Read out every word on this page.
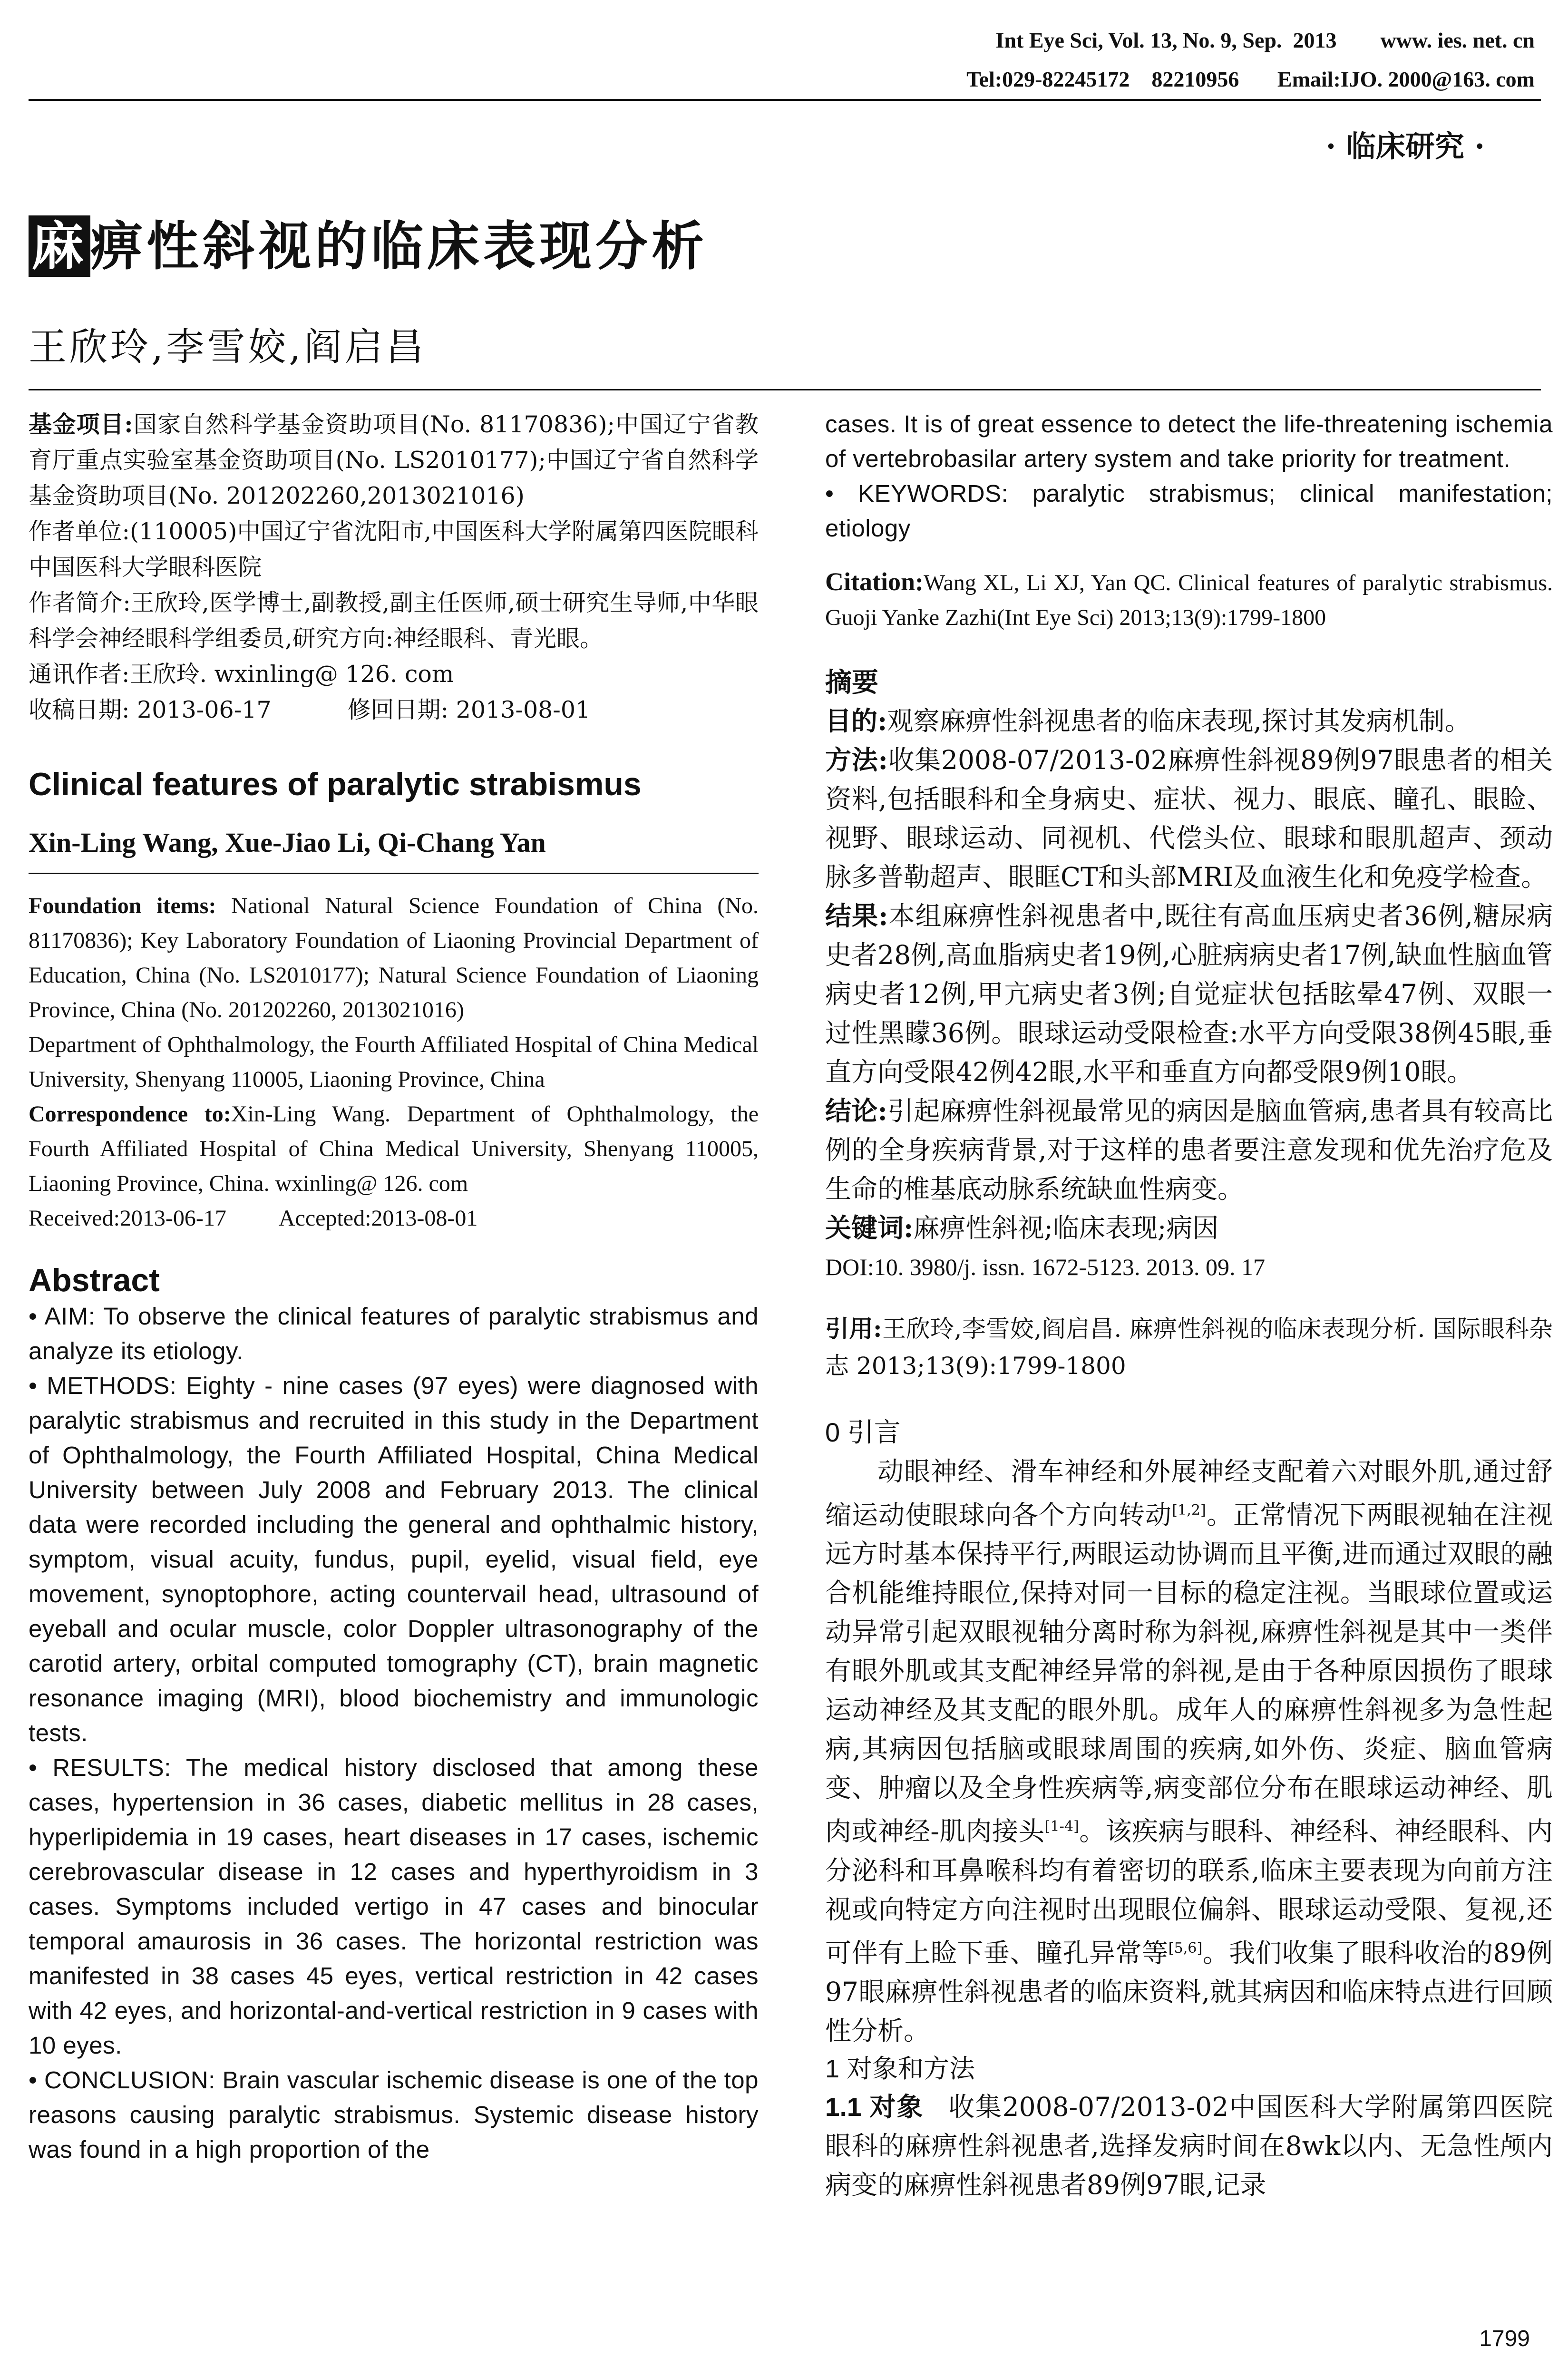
Int Eye Sci, Vol. 13, No. 9, Sep.  2013        www. ies. net. cn
Tel:029-82245172    82210956       Email:IJO. 2000@163. com
· 临床研究 ·
麻痹性斜视的临床表现分析
王欣玲,李雪姣,阎启昌

基金项目:国家自然科学基金资助项目(No. 81170836);中国辽宁省教育厅重点实验室基金资助项目(No. LS2010177);中国辽宁省自然科学基金资助项目(No. 201202260,2013021016)

作者单位:(110005)中国辽宁省沈阳市,中国医科大学附属第四医院眼科 中国医科大学眼科医院

作者简介:王欣玲,医学博士,副教授,副主任医师,硕士研究生导师,中华眼科学会神经眼科学组委员,研究方向:神经眼科、青光眼。

通讯作者:王欣玲. wxinling@ 126. com

收稿日期: 2013-06-17	修回日期: 2013-08-01

Clinical features of paralytic strabismus
Xin-Ling Wang, Xue-Jiao Li, Qi-Chang Yan

Foundation items: National Natural Science Foundation of China (No. 81170836); Key Laboratory Foundation of Liaoning Provincial Department of Education, China (No. LS2010177); Natural Science Foundation of Liaoning Province, China (No. 201202260, 2013021016)

Department of Ophthalmology, the Fourth Affiliated Hospital of China Medical University, Shenyang 110005, Liaoning Province, China

Correspondence to:Xin-Ling Wang. Department of Ophthalmology, the Fourth Affiliated Hospital of China Medical University, Shenyang 110005, Liaoning Province, China. wxinling@ 126. com

Received:2013-06-17 Accepted:2013-08-01

Abstract

• AIM: To observe the clinical features of paralytic strabismus and analyze its etiology.

• METHODS: Eighty - nine cases (97 eyes) were diagnosed with paralytic strabismus and recruited in this study in the Department of Ophthalmology, the Fourth Affiliated Hospital, China Medical University between July 2008 and February 2013. The clinical data were recorded including the general and ophthalmic history, symptom, visual acuity, fundus, pupil, eyelid, visual field, eye movement, synoptophore, acting countervail head, ultrasound of eyeball and ocular muscle, color Doppler ultrasonography of the carotid artery, orbital computed tomography (CT), brain magnetic resonance imaging (MRI), blood biochemistry and immunologic tests.

• RESULTS: The medical history disclosed that among these cases, hypertension in 36 cases, diabetic mellitus in 28 cases, hyperlipidemia in 19 cases, heart diseases in 17 cases, ischemic cerebrovascular disease in 12 cases and hyperthyroidism in 3 cases. Symptoms included vertigo in 47 cases and binocular temporal amaurosis in 36 cases. The horizontal restriction was manifested in 38 cases 45 eyes, vertical restriction in 42 cases with 42 eyes, and horizontal-and-vertical restriction in 9 cases with 10 eyes.

• CONCLUSION: Brain vascular ischemic disease is one of the top reasons causing paralytic strabismus. Systemic disease history was found in a high proportion of the

cases. It is of great essence to detect the life-threatening ischemia of vertebrobasilar artery system and take priority for treatment.

• KEYWORDS: paralytic strabismus; clinical manifestation; etiology

Citation:Wang XL, Li XJ, Yan QC. Clinical features of paralytic strabismus. Guoji Yanke Zazhi(Int Eye Sci) 2013;13(9):1799-1800

摘要

目的:观察麻痹性斜视患者的临床表现,探讨其发病机制。

方法:收集2008-07/2013-02麻痹性斜视89例97眼患者的相关资料,包括眼科和全身病史、症状、视力、眼底、瞳孔、眼睑、视野、眼球运动、同视机、代偿头位、眼球和眼肌超声、颈动脉多普勒超声、眼眶CT和头部MRI及血液生化和免疫学检查。

结果:本组麻痹性斜视患者中,既往有高血压病史者36例,糖尿病史者28例,高血脂病史者19例,心脏病病史者17例,缺血性脑血管病史者12例,甲亢病史者3例;自觉症状包括眩晕47例、双眼一过性黑矇36例。眼球运动受限检查:水平方向受限38例45眼,垂直方向受限42例42眼,水平和垂直方向都受限9例10眼。

结论:引起麻痹性斜视最常见的病因是脑血管病,患者具有较高比例的全身疾病背景,对于这样的患者要注意发现和优先治疗危及生命的椎基底动脉系统缺血性病变。

关键词:麻痹性斜视;临床表现;病因

DOI:10. 3980/j. issn. 1672-5123. 2013. 09. 17

引用:王欣玲,李雪姣,阎启昌. 麻痹性斜视的临床表现分析. 国际眼科杂志 2013;13(9):1799-1800

0 引言

动眼神经、滑车神经和外展神经支配着六对眼外肌,通过舒缩运动使眼球向各个方向转动[1,2]。正常情况下两眼视轴在注视远方时基本保持平行,两眼运动协调而且平衡,进而通过双眼的融合机能维持眼位,保持对同一目标的稳定注视。当眼球位置或运动异常引起双眼视轴分离时称为斜视,麻痹性斜视是其中一类伴有眼外肌或其支配神经异常的斜视,是由于各种原因损伤了眼球运动神经及其支配的眼外肌。成年人的麻痹性斜视多为急性起病,其病因包括脑或眼球周围的疾病,如外伤、炎症、脑血管病变、肿瘤以及全身性疾病等,病变部位分布在眼球运动神经、肌肉或神经-肌肉接头[1-4]。该疾病与眼科、神经科、神经眼科、内分泌科和耳鼻喉科均有着密切的联系,临床主要表现为向前方注视或向特定方向注视时出现眼位偏斜、眼球运动受限、复视,还可伴有上睑下垂、瞳孔异常等[5,6]。我们收集了眼科收治的89例97眼麻痹性斜视患者的临床资料,就其病因和临床特点进行回顾性分析。

1 对象和方法

1.1 对象 收集2008-07/2013-02中国医科大学附属第四医院眼科的麻痹性斜视患者,选择发病时间在8wk以内、无急性颅内病变的麻痹性斜视患者89例97眼,记录

1799
